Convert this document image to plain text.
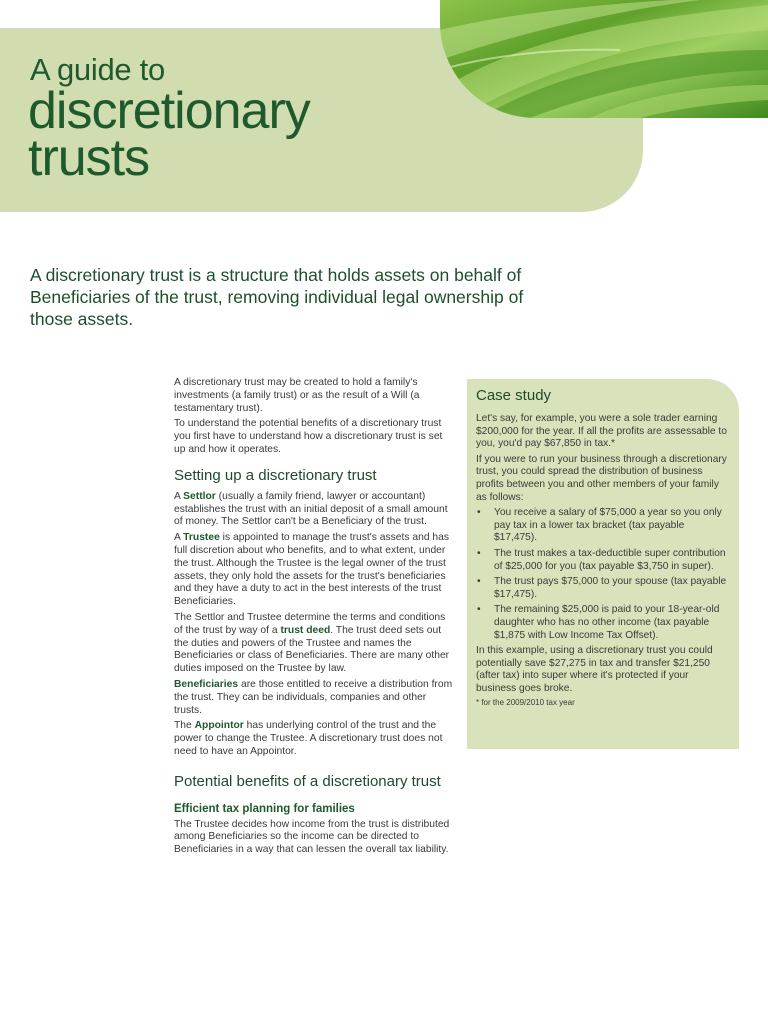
A guide to
discretionary
trusts

A discretionary trust is a structure that holds assets on behalf of Beneficiaries of the trust, removing individual legal ownership of those assets.

A discretionary trust may be created to hold a family's investments (a family trust) or as the result of a Will (a testamentary trust).

To understand the potential benefits of a discretionary trust you first have to understand how a discretionary trust is set up and how it operates.

Setting up a discretionary trust

A Settlor (usually a family friend, lawyer or accountant) establishes the trust with an initial deposit of a small amount of money. The Settlor can't be a Beneficiary of the trust.

A Trustee is appointed to manage the trust's assets and has full discretion about who benefits, and to what extent, under the trust. Although the Trustee is the legal owner of the trust assets, they only hold the assets for the trust's beneficiaries and they have a duty to act in the best interests of the trust Beneficiaries.

The Settlor and Trustee determine the terms and conditions of the trust by way of a trust deed. The trust deed sets out the duties and powers of the Trustee and names the Beneficiaries or class of Beneficiaries. There are many other duties imposed on the Trustee by law.

Beneficiaries are those entitled to receive a distribution from the trust. They can be individuals, companies and other trusts.

The Appointor has underlying control of the trust and the power to change the Trustee. A discretionary trust does not need to have an Appointor.

Potential benefits of a discretionary trust
Efficient tax planning for families

The Trustee decides how income from the trust is distributed among Beneficiaries so the income can be directed to Beneficiaries in a way that can lessen the overall tax liability.

Case study

Let's say, for example, you were a sole trader earning $200,000 for the year. If all the profits are assessable to you, you'd pay $67,850 in tax.*

If you were to run your business through a discretionary trust, you could spread the distribution of business profits between you and other members of your family as follows:

• You receive a salary of $75,000 a year so you only pay tax in a lower tax bracket (tax payable $17,475).
• The trust makes a tax-deductible super contribution of $25,000 for you (tax payable $3,750 in super).
• The trust pays $75,000 to your spouse (tax payable $17,475).
• The remaining $25,000 is paid to your 18-year-old daughter who has no other income (tax payable $1,875 with Low Income Tax Offset).

In this example, using a discretionary trust you could potentially save $27,275 in tax and transfer $21,250 (after tax) into super where it's protected if your business goes broke.

* for the 2009/2010 tax year
